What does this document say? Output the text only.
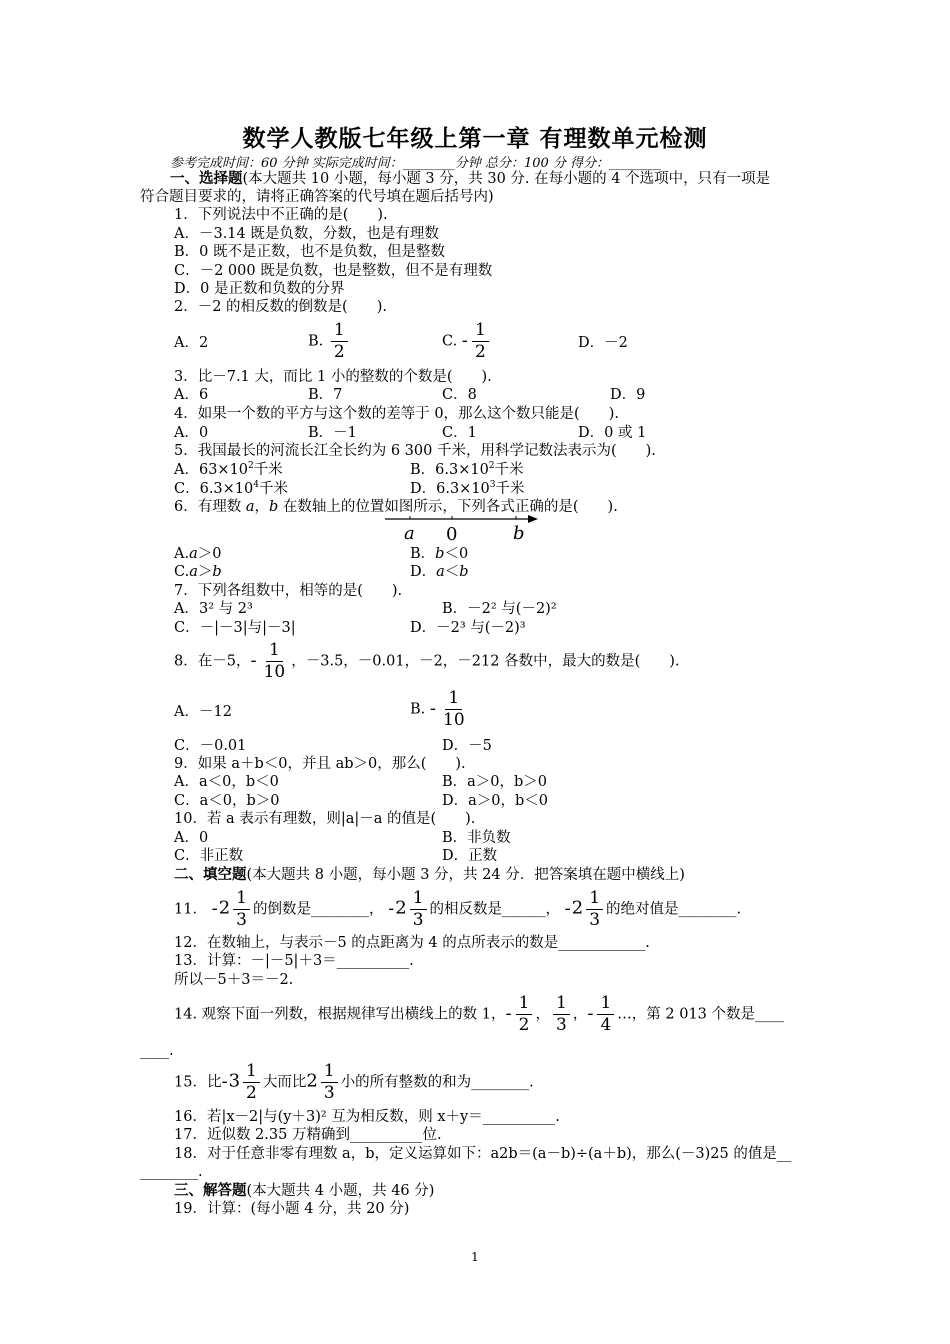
数学人教版七年级上第一章 有理数单元检测
参考完成时间：60 分钟 实际完成时间：________分钟 总分：100 分 得分：________
一、选择题(本大题共 10 小题，每小题 3 分，共 30 分. 在每小题的 4 个选项中，只有一项是
符合题目要求的，请将正确答案的代号填在题后括号内)
1．下列说法中不正确的是(　　).
A．－3.14 既是负数，分数，也是有理数
B．0 既不是正数，也不是负数，但是整数
C．－2 000 既是负数，也是整数，但不是有理数
D．0 是正数和负数的分界
2．－2 的相反数的倒数是(　　).
A．2	B. $\frac{1}{2}$	C. - $\frac{1}{2}$	D．－2
3．比－7.1 大，而比 1 小的整数的个数是(　　).
A．6	B．7	C．8	D．9
4．如果一个数的平方与这个数的差等于 0，那么这个数只能是(　　).
A．0	B．－1	C．1	D．0 或 1
5．我国最长的河流长江全长约为 6 300 千米，用科学记数法表示为(　　).
A．$63\times 10^2$千米	B．$6.3\times 10^2$千米
C．$6.3\times 10^4$千米	D．$6.3\times 10^3$千米
6．有理数 a，b 在数轴上的位置如图所示，下列各式正确的是(　　).
a 0	b
A.a＞0	B．b＜0
C.a＞b	D．a＜b
7．下列各组数中，相等的是(　　).
A．3² 与 2³	B．－2² 与(－2)²
C．－|－3|与|－3|	D．－2³ 与(－2)³
8．在－5，- $\frac{1}{10}$ ，－3.5，－0.01，－2，－212 各数中，最大的数是(　　).
A．－12	B. - $\frac{1}{10}$
C．－0.01	D．－5
9．如果 a＋b＜0，并且 ab＞0，那么(　　).
A．a＜0，b＜0	B．a＞0，b＞0
C．a＜0，b＞0	D．a＞0，b＜0
10．若 a 表示有理数，则|a|－a 的值是(　　).
A．0	B．非负数
C．非正数	D．正数
二、填空题(本大题共 8 小题，每小题 3 分，共 24 分．把答案填在题中横线上)
11． $-2 \frac{1}{3}$ 的倒数是________， $-2 \frac{1}{3}$ 的相反数是______， $-2 \frac{1}{3}$ 的绝对值是________.
12．在数轴上，与表示－5 的点距离为 4 的点所表示的数是____________.
13．计算：－|－5|＋3＝__________.
所以－5＋3＝－2.
14. 观察下面一列数，根据规律写出横线上的数 1，- $\frac{1}{2}$ ， $\frac{1}{3}$ ，- $\frac{1}{4}$ …，第 2 013 个数是____
____.
15．比$-3 \frac{1}{2}$ 大而比$2 \frac{1}{3}$ 小的所有整数的和为________.
16．若|x－2|与(y＋3)² 互为相反数，则 x＋y＝__________.
17．近似数 2.35 万精确到__________位.
18．对于任意非零有理数 a，b，定义运算如下：a2b＝(a－b)÷(a＋b)，那么(－3)25 的值是__
________.
三、解答题(本大题共 4 小题，共 46 分)
19．计算：(每小题 4 分，共 20 分)
1
